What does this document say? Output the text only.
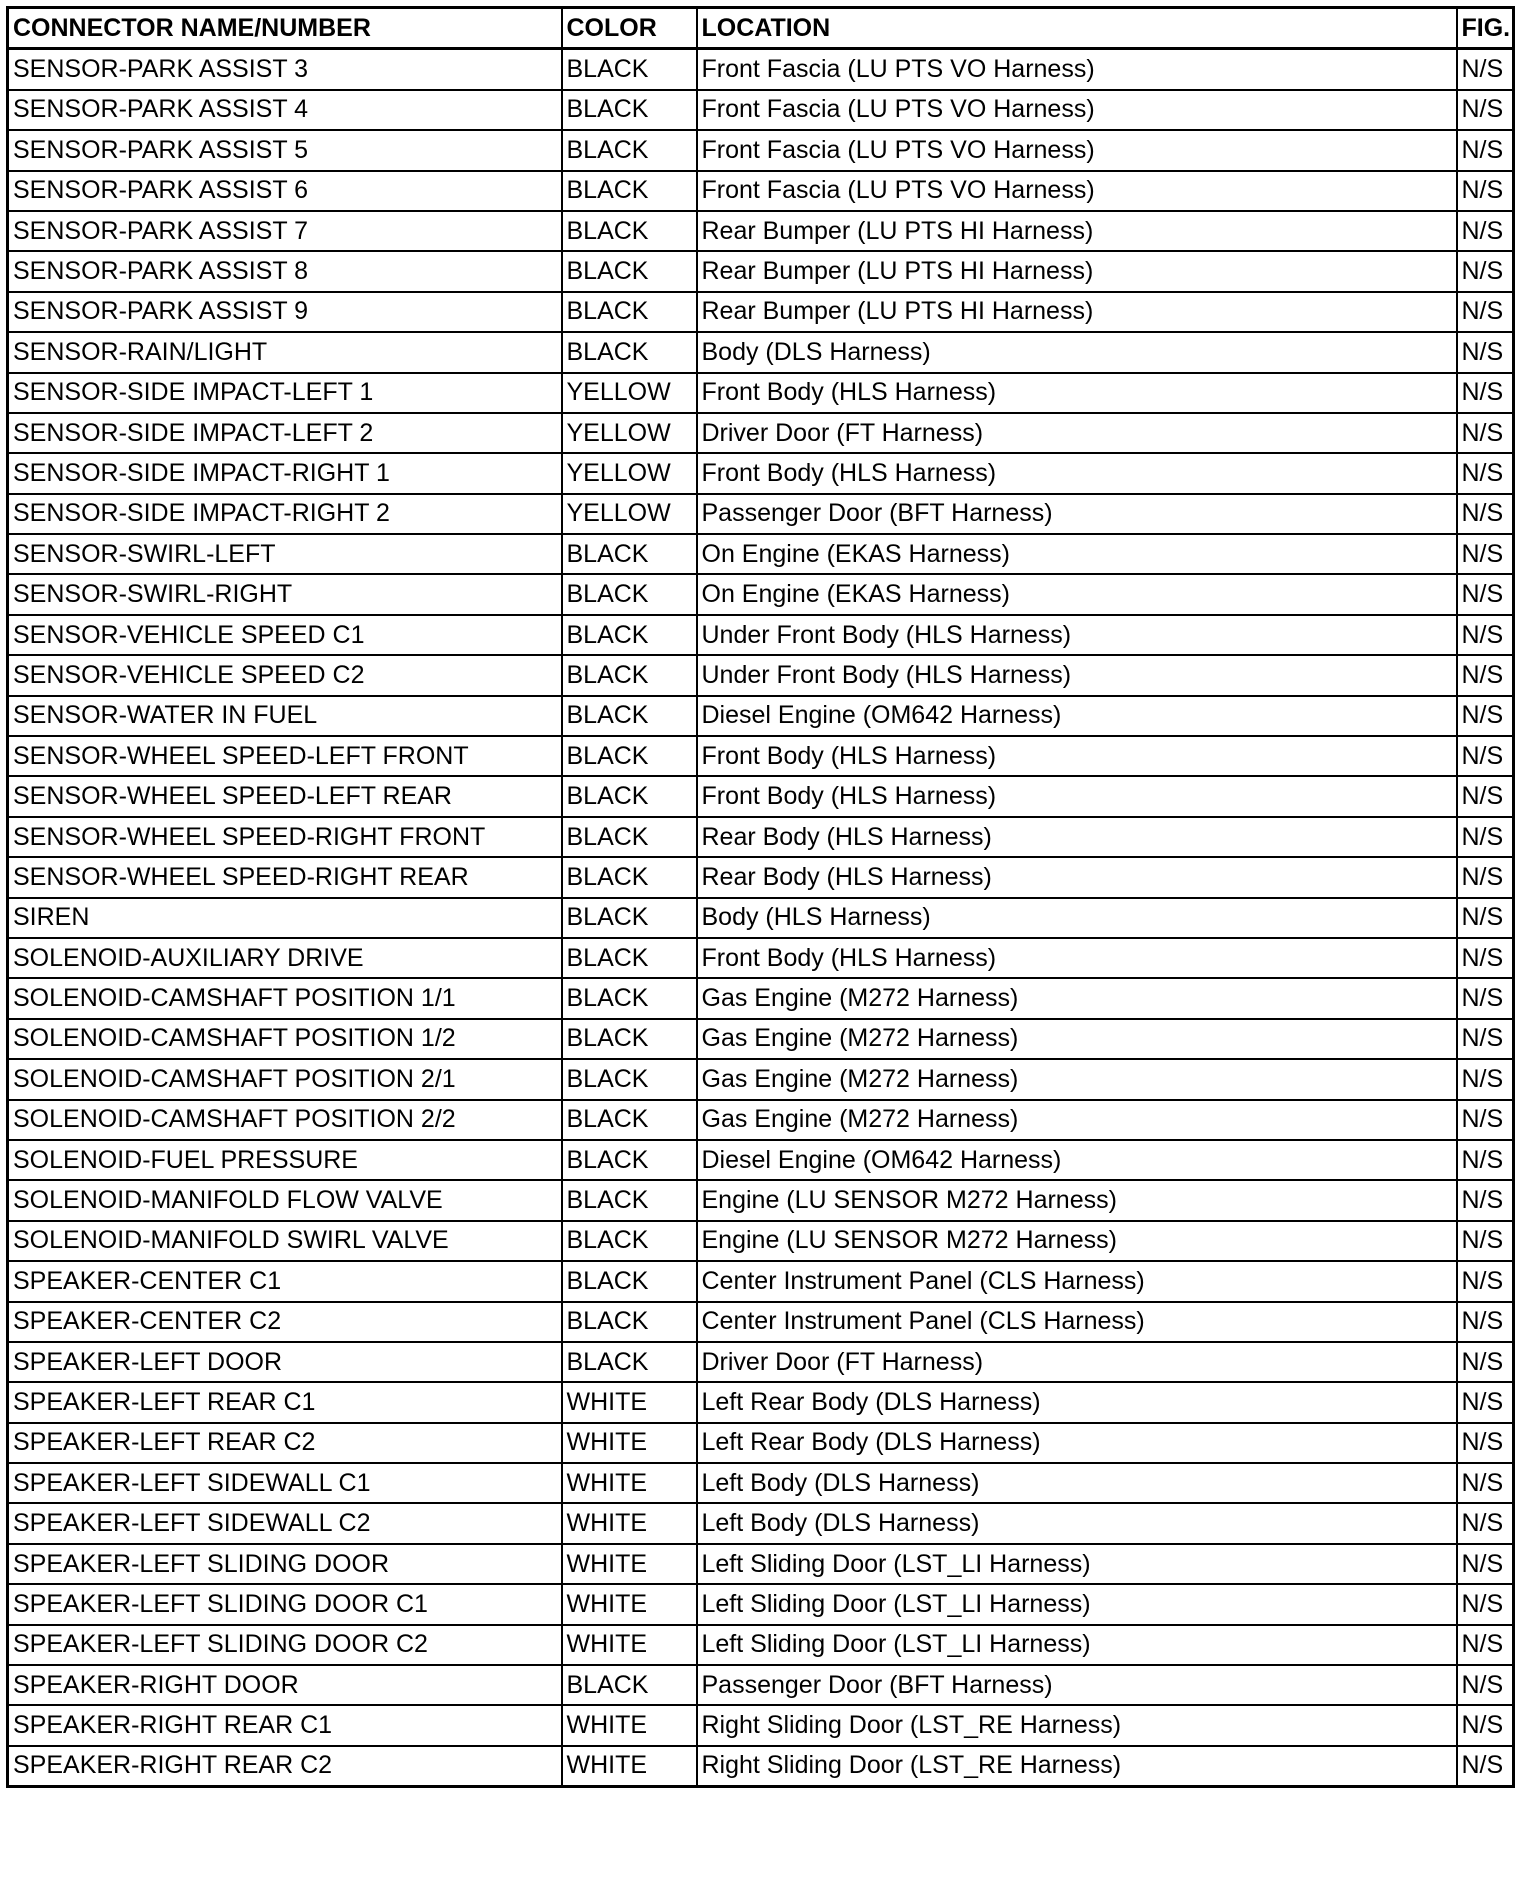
CONNECTOR NAME/NUMBER	COLOR	LOCATION	FIG.
SENSOR-PARK ASSIST 3	BLACK	Front Fascia (LU PTS VO Harness)	N/S
SENSOR-PARK ASSIST 4	BLACK	Front Fascia (LU PTS VO Harness)	N/S
SENSOR-PARK ASSIST 5	BLACK	Front Fascia (LU PTS VO Harness)	N/S
SENSOR-PARK ASSIST 6	BLACK	Front Fascia (LU PTS VO Harness)	N/S
SENSOR-PARK ASSIST 7	BLACK	Rear Bumper (LU PTS HI Harness)	N/S
SENSOR-PARK ASSIST 8	BLACK	Rear Bumper (LU PTS HI Harness)	N/S
SENSOR-PARK ASSIST 9	BLACK	Rear Bumper (LU PTS HI Harness)	N/S
SENSOR-RAIN/LIGHT	BLACK	Body (DLS Harness)	N/S
SENSOR-SIDE IMPACT-LEFT 1	YELLOW	Front Body (HLS Harness)	N/S
SENSOR-SIDE IMPACT-LEFT 2	YELLOW	Driver Door (FT Harness)	N/S
SENSOR-SIDE IMPACT-RIGHT 1	YELLOW	Front Body (HLS Harness)	N/S
SENSOR-SIDE IMPACT-RIGHT 2	YELLOW	Passenger Door (BFT Harness)	N/S
SENSOR-SWIRL-LEFT	BLACK	On Engine (EKAS Harness)	N/S
SENSOR-SWIRL-RIGHT	BLACK	On Engine (EKAS Harness)	N/S
SENSOR-VEHICLE SPEED C1	BLACK	Under Front Body (HLS Harness)	N/S
SENSOR-VEHICLE SPEED C2	BLACK	Under Front Body (HLS Harness)	N/S
SENSOR-WATER IN FUEL	BLACK	Diesel Engine (OM642 Harness)	N/S
SENSOR-WHEEL SPEED-LEFT FRONT	BLACK	Front Body (HLS Harness)	N/S
SENSOR-WHEEL SPEED-LEFT REAR	BLACK	Front Body (HLS Harness)	N/S
SENSOR-WHEEL SPEED-RIGHT FRONT	BLACK	Rear Body (HLS Harness)	N/S
SENSOR-WHEEL SPEED-RIGHT REAR	BLACK	Rear Body (HLS Harness)	N/S
SIREN	BLACK	Body (HLS Harness)	N/S
SOLENOID-AUXILIARY DRIVE	BLACK	Front Body (HLS Harness)	N/S
SOLENOID-CAMSHAFT POSITION 1/1	BLACK	Gas Engine (M272 Harness)	N/S
SOLENOID-CAMSHAFT POSITION 1/2	BLACK	Gas Engine (M272 Harness)	N/S
SOLENOID-CAMSHAFT POSITION 2/1	BLACK	Gas Engine (M272 Harness)	N/S
SOLENOID-CAMSHAFT POSITION 2/2	BLACK	Gas Engine (M272 Harness)	N/S
SOLENOID-FUEL PRESSURE	BLACK	Diesel Engine (OM642 Harness)	N/S
SOLENOID-MANIFOLD FLOW VALVE	BLACK	Engine (LU SENSOR M272 Harness)	N/S
SOLENOID-MANIFOLD SWIRL VALVE	BLACK	Engine (LU SENSOR M272 Harness)	N/S
SPEAKER-CENTER C1	BLACK	Center Instrument Panel (CLS Harness)	N/S
SPEAKER-CENTER C2	BLACK	Center Instrument Panel (CLS Harness)	N/S
SPEAKER-LEFT DOOR	BLACK	Driver Door (FT Harness)	N/S
SPEAKER-LEFT REAR C1	WHITE	Left Rear Body (DLS Harness)	N/S
SPEAKER-LEFT REAR C2	WHITE	Left Rear Body (DLS Harness)	N/S
SPEAKER-LEFT SIDEWALL C1	WHITE	Left Body (DLS Harness)	N/S
SPEAKER-LEFT SIDEWALL C2	WHITE	Left Body (DLS Harness)	N/S
SPEAKER-LEFT SLIDING DOOR	WHITE	Left Sliding Door (LST_LI Harness)	N/S
SPEAKER-LEFT SLIDING DOOR C1	WHITE	Left Sliding Door (LST_LI Harness)	N/S
SPEAKER-LEFT SLIDING DOOR C2	WHITE	Left Sliding Door (LST_LI Harness)	N/S
SPEAKER-RIGHT DOOR	BLACK	Passenger Door (BFT Harness)	N/S
SPEAKER-RIGHT REAR C1	WHITE	Right Sliding Door (LST_RE Harness)	N/S
SPEAKER-RIGHT REAR C2	WHITE	Right Sliding Door (LST_RE Harness)	N/S
